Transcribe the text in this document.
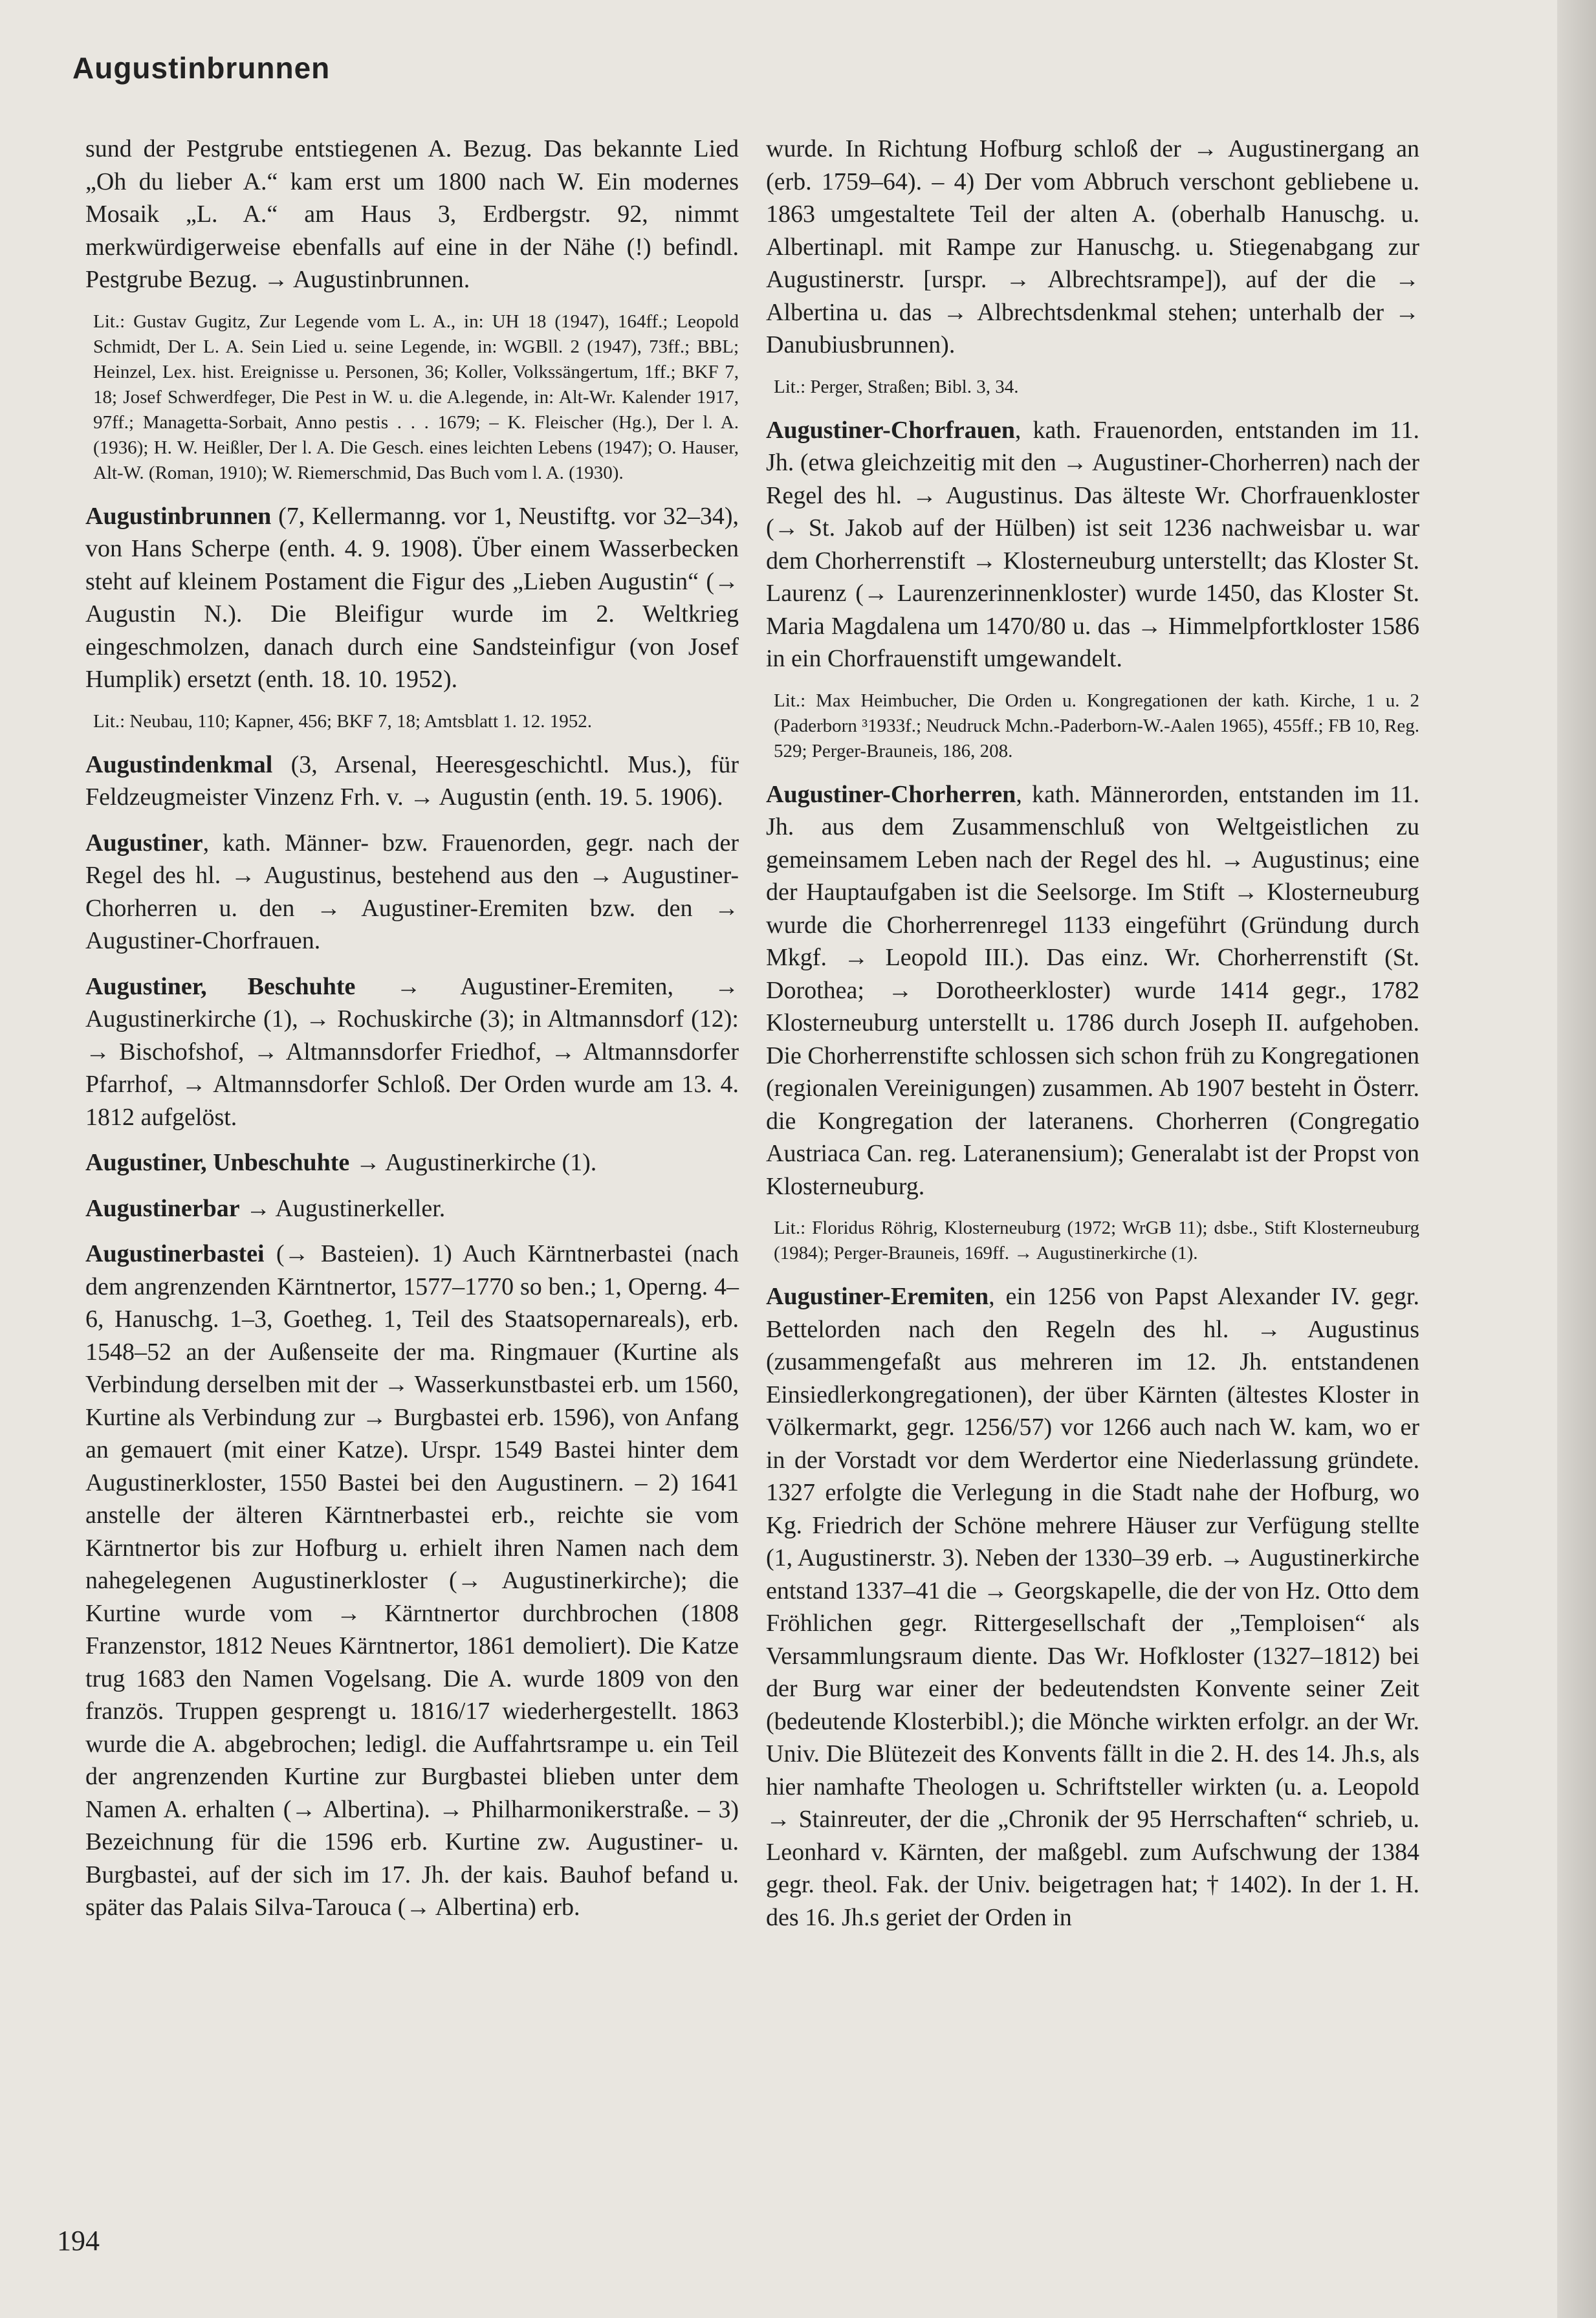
Augustinbrunnen

sund der Pestgrube entstiegenen A. Bezug. Das bekannte Lied „Oh du lieber A.“ kam erst um 1800 nach W. Ein modernes Mosaik „L. A.“ am Haus 3, Erdbergstr. 92, nimmt merkwürdigerweise ebenfalls auf eine in der Nähe (!) befindl. Pestgrube Bezug. → Augustinbrunnen.

Lit.: Gustav Gugitz, Zur Legende vom L. A., in: UH 18 (1947), 164ff.; Leopold Schmidt, Der L. A. Sein Lied u. seine Legende, in: WGBll. 2 (1947), 73ff.; BBL; Heinzel, Lex. hist. Ereignisse u. Personen, 36; Koller, Volkssängertum, 1ff.; BKF 7, 18; Josef Schwerdfeger, Die Pest in W. u. die A.legende, in: Alt-Wr. Kalender 1917, 97ff.; Managetta-Sorbait, Anno pestis . . . 1679; – K. Fleischer (Hg.), Der l. A. (1936); H. W. Heißler, Der l. A. Die Gesch. eines leichten Lebens (1947); O. Hauser, Alt-W. (Roman, 1910); W. Riemerschmid, Das Buch vom l. A. (1930).

Augustinbrunnen (7, Kellermanng. vor 1, Neustiftg. vor 32–34), von Hans Scherpe (enth. 4. 9. 1908). Über einem Wasserbecken steht auf kleinem Postament die Figur des „Lieben Augustin“ (→ Augustin N.). Die Bleifigur wurde im 2. Weltkrieg eingeschmolzen, danach durch eine Sandsteinfigur (von Josef Humplik) ersetzt (enth. 18. 10. 1952).

Lit.: Neubau, 110; Kapner, 456; BKF 7, 18; Amtsblatt 1. 12. 1952.

Augustindenkmal (3, Arsenal, Heeresgeschichtl. Mus.), für Feldzeugmeister Vinzenz Frh. v. → Augustin (enth. 19. 5. 1906).

Augustiner, kath. Männer- bzw. Frauenorden, gegr. nach der Regel des hl. → Augustinus, bestehend aus den → Augustiner-Chorherren u. den → Augustiner-Eremiten bzw. den → Augustiner-Chorfrauen.

Augustiner, Beschuhte → Augustiner-Eremiten, → Augustinerkirche (1), → Rochuskirche (3); in Altmannsdorf (12): → Bischofshof, → Altmannsdorfer Friedhof, → Altmannsdorfer Pfarrhof, → Altmannsdorfer Schloß. Der Orden wurde am 13. 4. 1812 aufgelöst.

Augustiner, Unbeschuhte → Augustinerkirche (1).

Augustinerbar → Augustinerkeller.

Augustinerbastei (→ Basteien). 1) Auch Kärntnerbastei (nach dem angrenzenden Kärntnertor, 1577–1770 so ben.; 1, Operng. 4–6, Hanuschg. 1–3, Goetheg. 1, Teil des Staatsopernareals), erb. 1548–52 an der Außenseite der ma. Ringmauer (Kurtine als Verbindung derselben mit der → Wasserkunstbastei erb. um 1560, Kurtine als Verbindung zur → Burgbastei erb. 1596), von Anfang an gemauert (mit einer Katze). Urspr. 1549 Bastei hinter dem Augustinerkloster, 1550 Bastei bei den Augustinern. – 2) 1641 anstelle der älteren Kärntnerbastei erb., reichte sie vom Kärntnertor bis zur Hofburg u. erhielt ihren Namen nach dem nahegelegenen Augustinerkloster (→ Augustinerkirche); die Kurtine wurde vom → Kärntnertor durchbrochen (1808 Franzenstor, 1812 Neues Kärntnertor, 1861 demoliert). Die Katze trug 1683 den Namen Vogelsang. Die A. wurde 1809 von den französ. Truppen gesprengt u. 1816/17 wiederhergestellt. 1863 wurde die A. abgebrochen; ledigl. die Auffahrtsrampe u. ein Teil der angrenzenden Kurtine zur Burgbastei blieben unter dem Namen A. erhalten (→ Albertina). → Philharmonikerstraße. – 3) Bezeichnung für die 1596 erb. Kurtine zw. Augustiner- u. Burgbastei, auf der sich im 17. Jh. der kais. Bauhof befand u. später das Palais Silva-Tarouca (→ Albertina) erb.

wurde. In Richtung Hofburg schloß der → Augustinergang an (erb. 1759–64). – 4) Der vom Abbruch verschont gebliebene u. 1863 umgestaltete Teil der alten A. (oberhalb Hanuschg. u. Albertinapl. mit Rampe zur Hanuschg. u. Stiegenabgang zur Augustinerstr. [urspr. → Albrechtsrampe]), auf der die → Albertina u. das → Albrechtsdenkmal stehen; unterhalb der → Danubiusbrunnen).

Lit.: Perger, Straßen; Bibl. 3, 34.

Augustiner-Chorfrauen, kath. Frauenorden, entstanden im 11. Jh. (etwa gleichzeitig mit den → Augustiner-Chorherren) nach der Regel des hl. → Augustinus. Das älteste Wr. Chorfrauenkloster (→ St. Jakob auf der Hülben) ist seit 1236 nachweisbar u. war dem Chorherrenstift → Klosterneuburg unterstellt; das Kloster St. Laurenz (→ Laurenzerinnenkloster) wurde 1450, das Kloster St. Maria Magdalena um 1470/80 u. das → Himmelpfortkloster 1586 in ein Chorfrauenstift umgewandelt.

Lit.: Max Heimbucher, Die Orden u. Kongregationen der kath. Kirche, 1 u. 2 (Paderborn ³1933f.; Neudruck Mchn.-Paderborn-W.-Aalen 1965), 455ff.; FB 10, Reg. 529; Perger-Brauneis, 186, 208.

Augustiner-Chorherren, kath. Männerorden, entstanden im 11. Jh. aus dem Zusammenschluß von Weltgeistlichen zu gemeinsamem Leben nach der Regel des hl. → Augustinus; eine der Hauptaufgaben ist die Seelsorge. Im Stift → Klosterneuburg wurde die Chorherrenregel 1133 eingeführt (Gründung durch Mkgf. → Leopold III.). Das einz. Wr. Chorherrenstift (St. Dorothea; → Dorotheerkloster) wurde 1414 gegr., 1782 Klosterneuburg unterstellt u. 1786 durch Joseph II. aufgehoben. Die Chorherrenstifte schlossen sich schon früh zu Kongregationen (regionalen Vereinigungen) zusammen. Ab 1907 besteht in Österr. die Kongregation der lateranens. Chorherren (Congregatio Austriaca Can. reg. Lateranensium); Generalabt ist der Propst von Klosterneuburg.

Lit.: Floridus Röhrig, Klosterneuburg (1972; WrGB 11); dsbe., Stift Klosterneuburg (1984); Perger-Brauneis, 169ff. → Augustinerkirche (1).

Augustiner-Eremiten, ein 1256 von Papst Alexander IV. gegr. Bettelorden nach den Regeln des hl. → Augustinus (zusammengefaßt aus mehreren im 12. Jh. entstandenen Einsiedlerkongregationen), der über Kärnten (ältestes Kloster in Völkermarkt, gegr. 1256/57) vor 1266 auch nach W. kam, wo er in der Vorstadt vor dem Werdertor eine Niederlassung gründete. 1327 erfolgte die Verlegung in die Stadt nahe der Hofburg, wo Kg. Friedrich der Schöne mehrere Häuser zur Verfügung stellte (1, Augustinerstr. 3). Neben der 1330–39 erb. → Augustinerkirche entstand 1337–41 die → Georgskapelle, die der von Hz. Otto dem Fröhlichen gegr. Rittergesellschaft der „Temploisen“ als Versammlungsraum diente. Das Wr. Hofkloster (1327–1812) bei der Burg war einer der bedeutendsten Konvente seiner Zeit (bedeutende Klosterbibl.); die Mönche wirkten erfolgr. an der Wr. Univ. Die Blütezeit des Konvents fällt in die 2. H. des 14. Jh.s, als hier namhafte Theologen u. Schriftsteller wirkten (u. a. Leopold → Stainreuter, der die „Chronik der 95 Herrschaften“ schrieb, u. Leonhard v. Kärnten, der maßgebl. zum Aufschwung der 1384 gegr. theol. Fak. der Univ. beigetragen hat; † 1402). In der 1. H. des 16. Jh.s geriet der Orden in

194
